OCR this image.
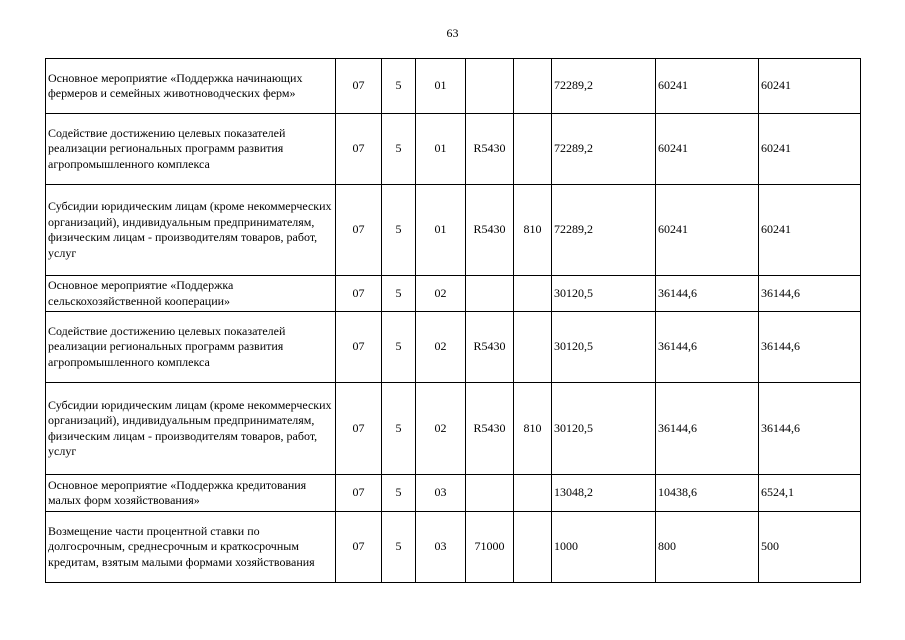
63
Основное мероприятие «Поддержка начинающих фермеров и семейных животноводческих ферм»	07	5	01			72289,2	60241	60241
Содействие достижению целевых показателей реализации региональных программ развития агропромышленного комплекса	07	5	01	R5430		72289,2	60241	60241
Субсидии юридическим лицам (кроме некоммерческих организаций), индивидуальным предпринимателям, физическим лицам - производителям товаров, работ, услуг	07	5	01	R5430	810	72289,2	60241	60241
Основное мероприятие «Поддержка сельскохозяйственной кооперации»	07	5	02			30120,5	36144,6	36144,6
Содействие достижению целевых показателей реализации региональных программ развития агропромышленного комплекса	07	5	02	R5430		30120,5	36144,6	36144,6
Субсидии юридическим лицам (кроме некоммерческих организаций), индивидуальным предпринимателям, физическим лицам - производителям товаров, работ, услуг	07	5	02	R5430	810	30120,5	36144,6	36144,6
Основное мероприятие «Поддержка кредитования малых форм хозяйствования»	07	5	03			13048,2	10438,6	6524,1
Возмещение части процентной ставки по долгосрочным, среднесрочным и краткосрочным кредитам, взятым малыми формами хозяйствования	07	5	03	71000		1000	800	500
